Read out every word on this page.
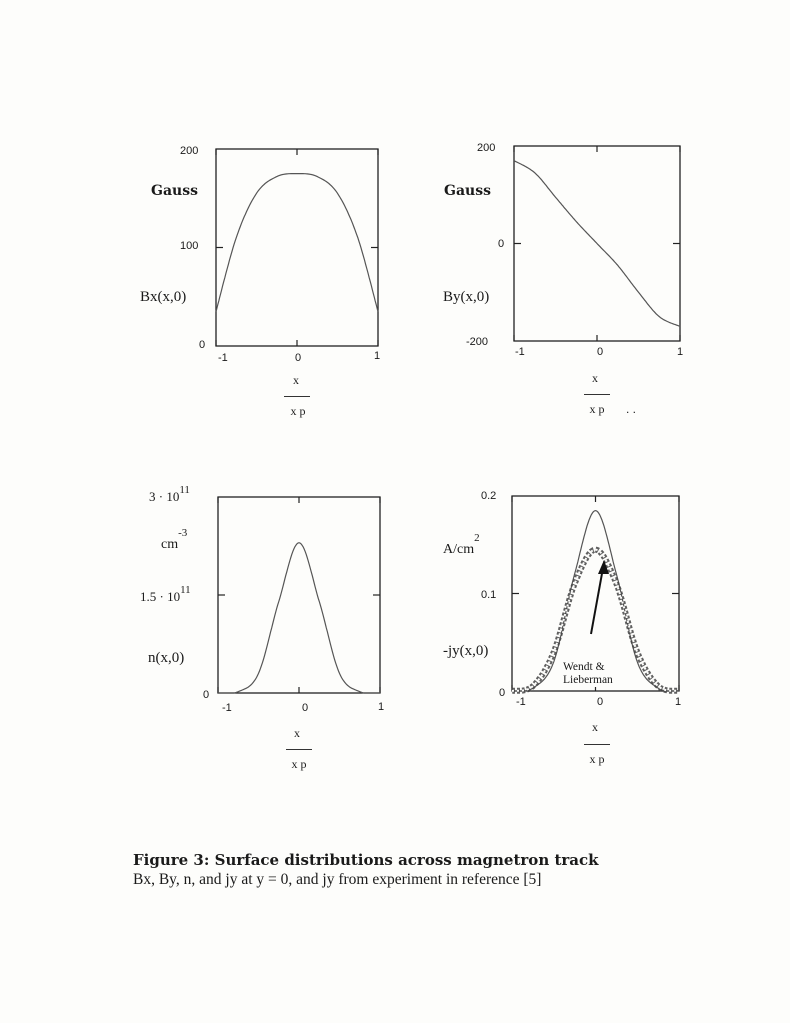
200
100
0
Gauss
Bx(x,0)
-1	0	1
x
x p
200
0
-200
Gauss
By(x,0)
-1	0	1
x
x p	. .
$3 \cdot 10^{11}$
$1.5 \cdot 10^{11}$
0
$cm^{-3}$
n(x,0)
-1	0	1
x
x p
0.2
0.1
0
$A/cm^2$
-jy(x,0)
-1	0	1
x
x p
Wendt &
Lieberman
Figure 3: Surface distributions across magnetron track
Bx, By, n, and jy at y = 0, and jy from experiment in reference [5]
